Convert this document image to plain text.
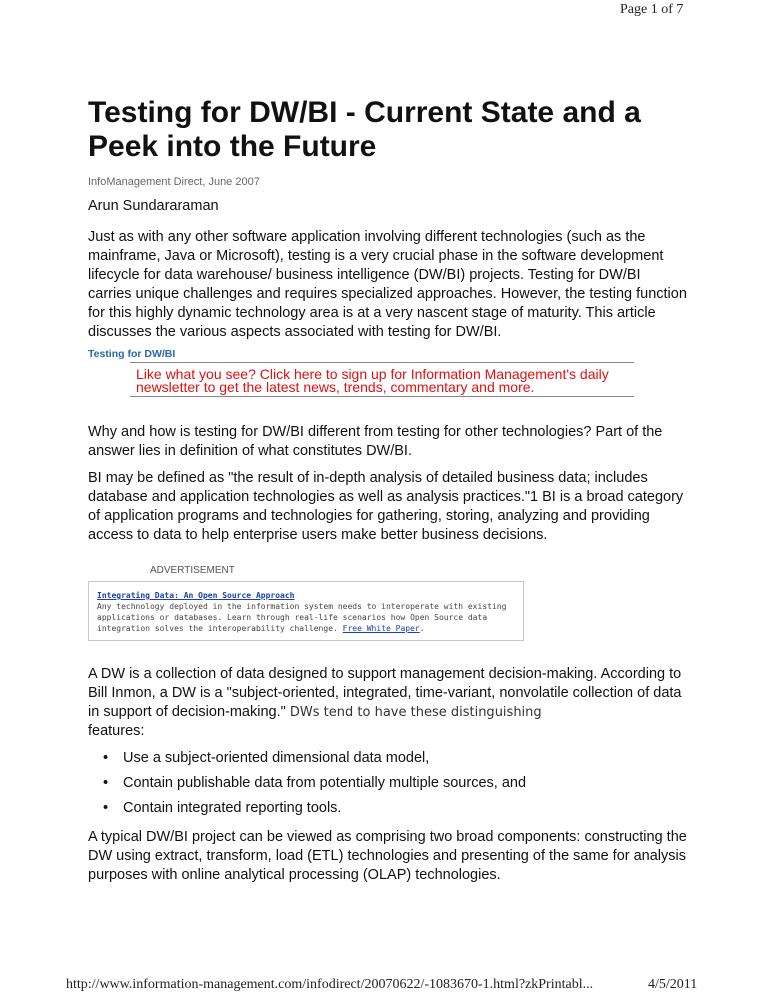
Page 1 of 7
Testing for DW/BI - Current State and a Peek into the Future
InfoManagement Direct, June 2007
Arun Sundararaman

Just as with any other software application involving different technologies (such as the mainframe, Java or Microsoft), testing is a very crucial phase in the software development lifecycle for data warehouse/ business intelligence (DW/BI) projects. Testing for DW/BI carries unique challenges and requires specialized approaches. However, the testing function for this highly dynamic technology area is at a very nascent stage of maturity. This article discusses the various aspects associated with testing for DW/BI.

Testing for DW/BI
Like what you see? Click here to sign up for Information Management's daily newsletter to get the latest news, trends, commentary and more.

Why and how is testing for DW/BI different from testing for other technologies? Part of the answer lies in definition of what constitutes DW/BI.

BI may be defined as "the result of in-depth analysis of detailed business data; includes database and application technologies as well as analysis practices."1 BI is a broad category of application programs and technologies for gathering, storing, analyzing and providing access to data to help enterprise users make better business decisions.

ADVERTISEMENT
Integrating Data: An Open Source Approach
Any technology deployed in the information system needs to interoperate with existing applications or databases. Learn through real-life scenarios how Open Source data integration solves the interoperability challenge. Free White Paper.

A DW is a collection of data designed to support management decision-making. According to Bill Inmon, a DW is a "subject-oriented, integrated, time-variant, nonvolatile collection of data in support of decision-making." DWs tend to have these distinguishing
features:

• Use a subject-oriented dimensional data model,
• Contain publishable data from potentially multiple sources, and
• Contain integrated reporting tools.

A typical DW/BI project can be viewed as comprising two broad components: constructing the DW using extract, transform, load (ETL) technologies and presenting of the same for analysis purposes with online analytical processing (OLAP) technologies.

http://www.information-management.com/infodirect/20070622/-1083670-1.html?zkPrintabl...	4/5/2011
